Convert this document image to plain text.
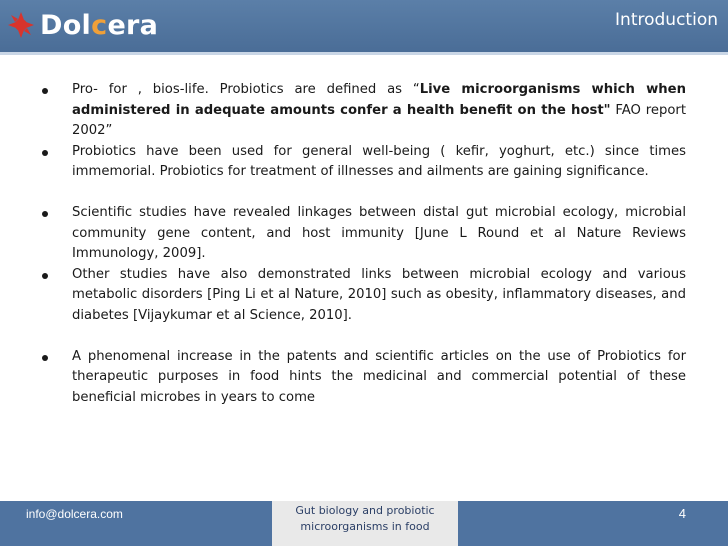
Dolcera	Introduction
Pro- for , bios-life. Probiotics are defined as “Live microorganisms which when administered in adequate amounts confer a health benefit on the host" FAO report 2002”
Probiotics have been used for general well-being ( kefir, yoghurt, etc.) since times immemorial. Probiotics for treatment of illnesses and ailments are gaining significance.
Scientific studies have revealed linkages between distal gut microbial ecology, microbial community gene content, and host immunity [June L Round et al Nature Reviews Immunology, 2009].
Other studies have also demonstrated links between microbial ecology and various metabolic disorders [Ping Li et al Nature, 2010] such as obesity, inflammatory diseases, and diabetes [Vijaykumar et al Science, 2010].
A phenomenal increase in the patents and scientific articles on the use of Probiotics for therapeutic purposes in food hints the medicinal and commercial potential of these beneficial microbes in years to come
info@dolcera.com	Gut biology and probiotic
microorganisms in food
4
